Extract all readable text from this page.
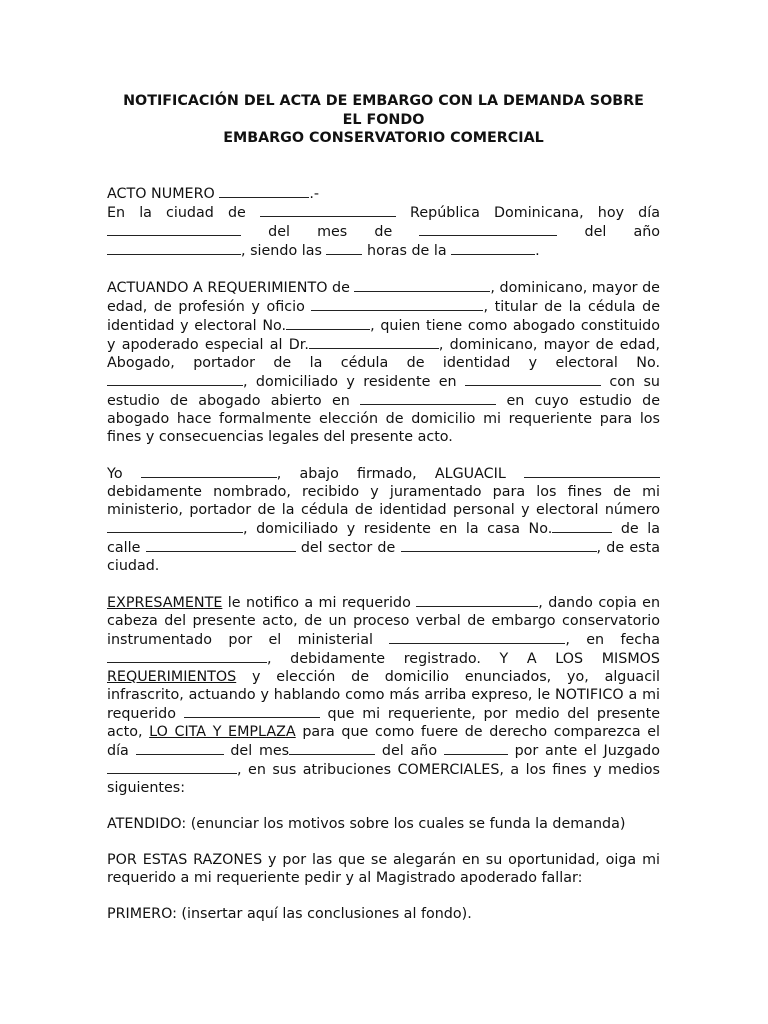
NOTIFICACIÓN DEL ACTA DE EMBARGO CON LA DEMANDA SOBRE
EL FONDO
EMBARGO CONSERVATORIO COMERCIAL

ACTO NUMERO	.-

En la ciudad de	República Dominicana, hoy día  del mes de	del año , siendo las	horas de la	.

ACTUANDO A REQUERIMIENTO de	, dominicano, mayor de edad, de profesión y oficio	, titular de la cédula de identidad y electoral No.	, quien tiene como abogado constituido y apoderado especial al Dr.	, dominicano, mayor de edad, Abogado, portador de la cédula de identidad y electoral No. , domiciliado y residente en	con su estudio de abogado abierto en	en cuyo estudio de abogado hace formalmente elección de domicilio mi requeriente para los fines y consecuencias legales del presente acto.

Yo	, abajo firmado, ALGUACIL  debidamente nombrado, recibido y juramentado para los fines de mi ministerio, portador de la cédula de identidad personal y electoral número , domiciliado y residente en la casa No.	de la calle	del sector de	, de esta ciudad.

EXPRESAMENTE le notifico a mi requerido	, dando copia en cabeza del presente acto, de un proceso verbal de embargo conservatorio instrumentado por el ministerial	, en fecha , debidamente registrado. Y A LOS MISMOS REQUERIMIENTOS y elección de domicilio enunciados, yo, alguacil infrascrito, actuando y hablando como más arriba expreso, le NOTIFICO a mi requerido	que mi requeriente, por medio del presente acto, LO CITA Y EMPLAZA para que como fuere de derecho comparezca el día	del mes	del año	por ante el Juzgado , en sus atribuciones COMERCIALES, a los fines y medios siguientes:

ATENDIDO: (enunciar los motivos sobre los cuales se funda la demanda)

POR ESTAS RAZONES y por las que se alegarán en su oportunidad, oiga mi requerido a mi requeriente pedir y al Magistrado apoderado fallar:

PRIMERO: (insertar aquí las conclusiones al fondo).
